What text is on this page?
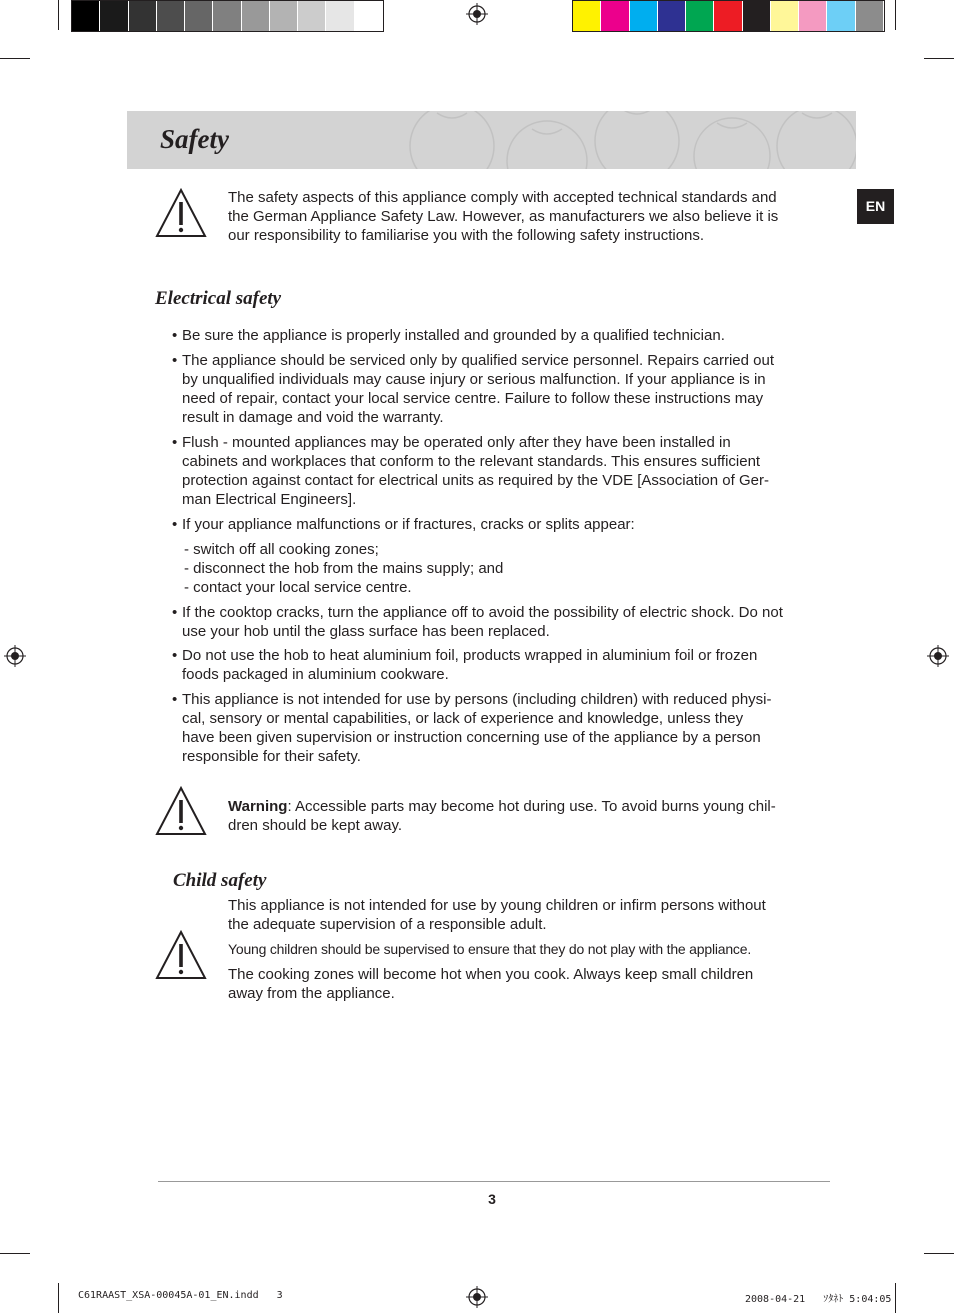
Safety
EN
The safety aspects of this appliance comply with accepted technical standards and
the German Appliance Safety Law. However, as manufacturers we also believe it is
our responsibility to familiarise you with the following safety instructions.
Electrical safety
• Be sure the appliance is properly installed and grounded by a qualified technician.
• The appliance should be serviced only by qualified service personnel. Repairs carried out
by unqualified individuals may cause injury or serious malfunction. If your appliance is in
need of repair, contact your local service centre. Failure to follow these instructions may
result in damage and void the warranty.
• Flush - mounted appliances may be operated only after they have been installed in
cabinets and workplaces that conform to the relevant standards. This ensures sufficient
protection against contact for electrical units as required by the VDE [Association of Ger-
man Electrical Engineers].
• If your appliance malfunctions or if fractures, cracks or splits appear:
- switch off all cooking zones;
- disconnect the hob from the mains supply; and
- contact your local service centre.
• If the cooktop cracks, turn the appliance off to avoid the possibility of electric shock. Do not
use your hob until the glass surface has been replaced.
• Do not use the hob to heat aluminium foil, products wrapped in aluminium foil or frozen
foods packaged in aluminium cookware.
• This appliance is not intended for use by persons (including children) with reduced physi-
cal, sensory or mental capabilities, or lack of experience and knowledge, unless they
have been given supervision or instruction concerning use of the appliance by a person
responsible for their safety.
Warning: Accessible parts may become hot during use. To avoid burns young chil-
dren should be kept away.
Child safety
This appliance is not intended for use by young children or infirm persons without
the adequate supervision of a responsible adult.
Young children should be supervised to ensure that they do not play with the appliance.
The cooking zones will become hot when you cook. Always keep small children
away from the appliance.
3
C61RAAST_XSA-00045A-01_EN.indd   3	2008-04-21   ｿﾀﾈﾄ 5:04:05
